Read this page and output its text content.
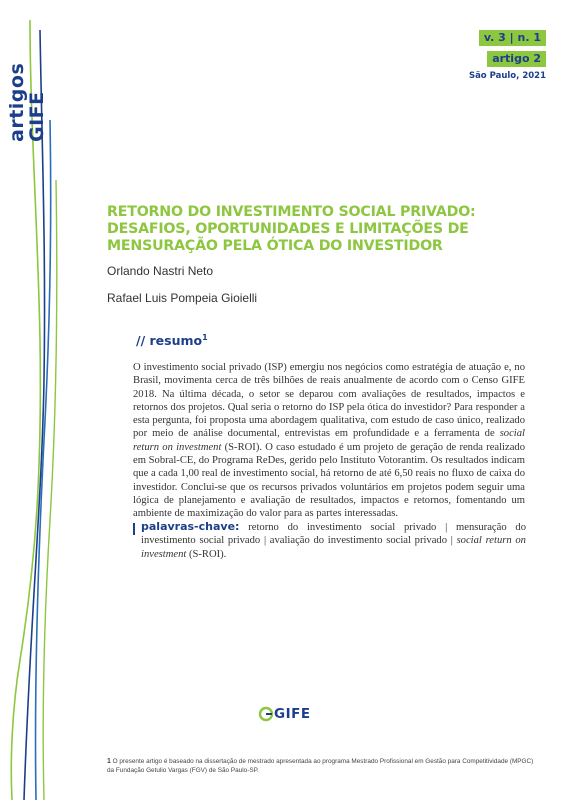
artigos
GIFE
v. 3 | n. 1
artigo 2
São Paulo, 2021
RETORNO DO INVESTIMENTO SOCIAL PRIVADO: DESAFIOS, OPORTUNIDADES E LIMITAÇÕES DE MENSURAÇÃO PELA ÓTICA DO INVESTIDOR
Orlando Nastri Neto
Rafael Luis Pompeia Gioielli
// resumo$^1$

O investimento social privado (ISP) emergiu nos negócios como estratégia de atuação e, no Brasil, movimenta cerca de três bilhões de reais anualmente de acordo com o Censo GIFE 2018. Na última década, o setor se deparou com avaliações de resultados, impactos e retornos dos projetos. Qual seria o retorno do ISP pela ótica do investidor? Para responder a esta pergunta, foi proposta uma abordagem qualitativa, com estudo de caso único, realizado por meio de análise documental, entrevistas em profundidade e a ferramenta de social return on investment (S-ROI). O caso estudado é um projeto de geração de renda realizado em Sobral-CE, do Programa ReDes, gerido pelo Instituto Votorantim. Os resultados indicam que a cada 1,00 real de investimento social, há retorno de até 6,50 reais no fluxo de caixa do investidor. Conclui-se que os recursos privados voluntários em projetos podem seguir uma lógica de planejamento e avaliação de resultados, impactos e retornos, fomentando um ambiente de maximização do valor para as partes interessadas.

palavras-chave: retorno do investimento social privado | mensuração do investimento social privado | avaliação do investimento social privado | social return on investment (S-ROI).

GIFE

1 O presente artigo é baseado na dissertação de mestrado apresentada ao programa Mestrado Profissional em Gestão para Competitividade (MPGC) da Fundação Getulio Vargas (FGV) de São Paulo-SP.
